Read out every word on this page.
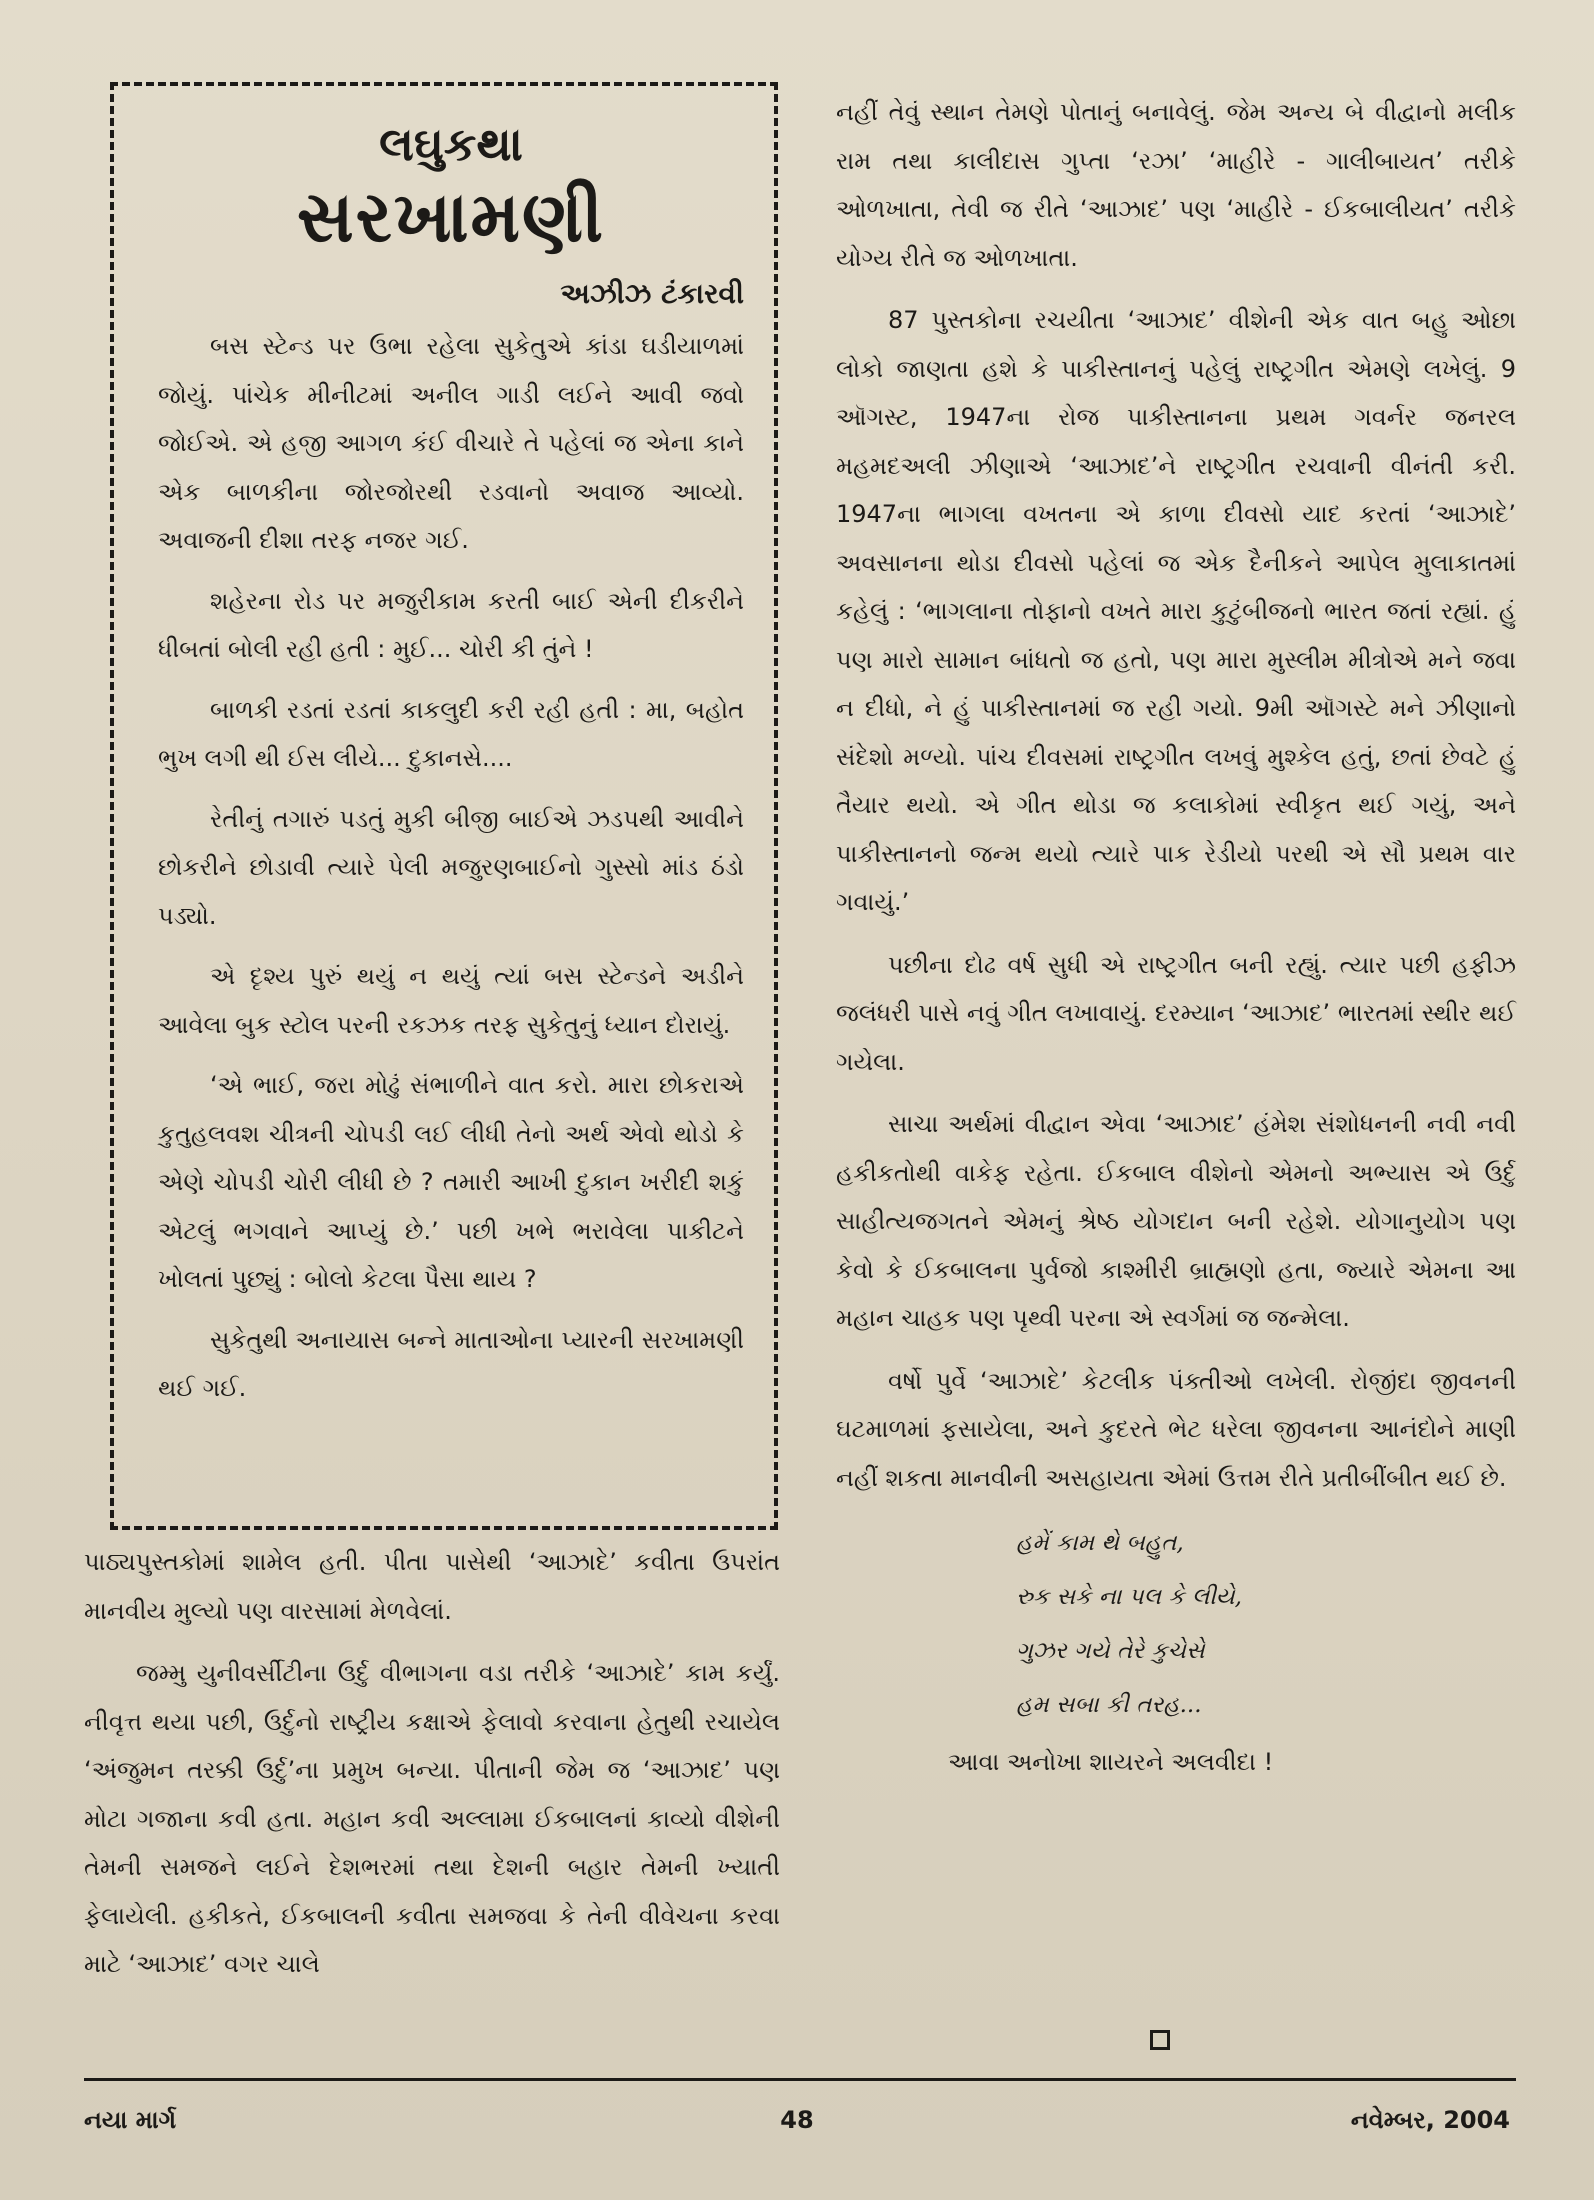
લઘુકથા
સરખામણી
અઝીઝ ટંકારવી

બસ સ્ટેન્ડ પર ઉભા રહેલા સુકેતુએ કાંડા ઘડીયાળમાં જોયું. પાંચેક મીનીટમાં અનીલ ગાડી લઈને આવી જવો જોઈએ. એ હજી આગળ કંઈ વીચારે તે પહેલાં જ એના કાને એક બાળકીના જોરજોરથી રડવાનો અવાજ આવ્યો. અવાજની દીશા તરફ નજર ગઈ.

શહેરના રોડ પર મજુરીકામ કરતી બાઈ એની દીકરીને ધીબતાં બોલી રહી હતી : મુઈ... ચોરી કી તુંને !

બાળકી રડતાં રડતાં કાકલુદી કરી રહી હતી : મા, બહોત ભુખ લગી થી ઈસ લીયે... દુકાનસે....

રેતીનું તગારું પડતું મુકી બીજી બાઈએ ઝડપથી આવીને છોકરીને છોડાવી ત્યારે પેલી મજુરણબાઈનો ગુસ્સો માંડ ઠંડો પડ્યો.

એ દૃશ્ય પુરું થયું ન થયું ત્યાં બસ સ્ટેન્ડને અડીને આવેલા બુક સ્ટોલ પરની રકઝક તરફ સુકેતુનું ધ્યાન દોરાયું.

‘એ ભાઈ, જરા મોઢું સંભાળીને વાત કરો. મારા છોકરાએ કુતુહલવશ ચીત્રની ચોપડી લઈ લીધી તેનો અર્થ એવો થોડો કે એણે ચોપડી ચોરી લીધી છે ? તમારી આખી દુકાન ખરીદી શકું એટલું ભગવાને આપ્યું છે.’ પછી ખભે ભરાવેલા પાકીટને ખોલતાં પુછ્યું : બોલો કેટલા પૈસા થાય ?

સુકેતુથી અનાયાસ બન્ને માતાઓના પ્યારની સરખામણી થઈ ગઈ.

પાઠ્યપુસ્તકોમાં શામેલ હતી. પીતા પાસેથી ‘આઝાદે’ કવીતા ઉપરાંત માનવીય મુલ્યો પણ વારસામાં મેળવેલાં.

જમ્મુ યુનીવર્સીટીના ઉર્દુ વીભાગના વડા તરીકે ‘આઝાદે’ કામ કર્યું. નીવૃત્ત થયા પછી, ઉર્દુનો રાષ્ટ્રીય કક્ષાએ ફેલાવો કરવાના હેતુથી રચાયેલ ‘અંજુમન તરક્કી ઉર્દુ’ના પ્રમુખ બન્યા. પીતાની જેમ જ ‘આઝાદ’ પણ મોટા ગજાના કવી હતા. મહાન કવી અલ્લામા ઈકબાલનાં કાવ્યો વીશેની તેમની સમજને લઈને દેશભરમાં તથા દેશની બહાર તેમની ખ્યાતી ફેલાયેલી. હકીકતે, ઈકબાલની કવીતા સમજવા કે તેની વીવેચના કરવા માટે ‘આઝાદ’ વગર ચાલે

નહીં તેવું સ્થાન તેમણે પોતાનું બનાવેલું. જેમ અન્ય બે વીદ્વાનો મલીક રામ તથા કાલીદાસ ગુપ્તા ‘રઝા’ ‘માહીરે - ગાલીબાયત’ તરીકે ઓળખાતા, તેવી જ રીતે ‘આઝાદ’ પણ ‘માહીરે - ઈકબાલીયત’ તરીકે યોગ્ય રીતે જ ઓળખાતા.

87 પુસ્તકોના રચયીતા ‘આઝાદ’ વીશેની એક વાત બહુ ઓછા લોકો જાણતા હશે કે પાકીસ્તાનનું પહેલું રાષ્ટ્રગીત એમણે લખેલું. 9 ઑગસ્ટ, 1947ના રોજ પાકીસ્તાનના પ્રથમ ગવર્નર જનરલ મહમદઅલી ઝીણાએ ‘આઝાદ’ને રાષ્ટ્રગીત રચવાની વીનંતી કરી. 1947ના ભાગલા વખતના એ કાળા દીવસો યાદ કરતાં ‘આઝાદે’ અવસાનના થોડા દીવસો પહેલાં જ એક દૈનીકને આપેલ મુલાકાતમાં કહેલું : ‘ભાગલાના તોફાનો વખતે મારા કુટુંબીજનો ભારત જતાં રહ્યાં. હું પણ મારો સામાન બાંધતો જ હતો, પણ મારા મુસ્લીમ મીત્રોએ મને જવા ન દીધો, ને હું પાકીસ્તાનમાં જ રહી ગયો. 9મી ઑગસ્ટે મને ઝીણાનો સંદેશો મળ્યો. પાંચ દીવસમાં રાષ્ટ્રગીત લખવું મુશ્કેલ હતું, છતાં છેવટે હું તૈયાર થયો. એ ગીત થોડા જ કલાકોમાં સ્વીકૃત થઈ ગયું, અને પાકીસ્તાનનો જન્મ થયો ત્યારે પાક રેડીયો પરથી એ સૌ પ્રથમ વાર ગવાયું.’

પછીના દોઢ વર્ષ સુધી એ રાષ્ટ્રગીત બની રહ્યું. ત્યાર પછી હફીઝ જલંધરી પાસે નવું ગીત લખાવાયું. દરમ્યાન ‘આઝાદ’ ભારતમાં સ્થીર થઈ ગયેલા.

સાચા અર્થમાં વીદ્વાન એવા ‘આઝાદ’ હંમેશ સંશોધનની નવી નવી હકીકતોથી વાકેફ રહેતા. ઈકબાલ વીશેનો એમનો અભ્યાસ એ ઉર્દુ સાહીત્યજગતને એમનું શ્રેષ્ઠ યોગદાન બની રહેશે. યોગાનુયોગ પણ કેવો કે ઈકબાલના પુર્વજો કાશ્મીરી બ્રાહ્મણો હતા, જ્યારે એમના આ મહાન ચાહક પણ પૃથ્વી પરના એ સ્વર્ગમાં જ જન્મેલા.

વર્ષો પુર્વે ‘આઝાદે’ કેટલીક પંક્તીઓ લખેલી. રોજીંદા જીવનની ઘટમાળમાં ફસાયેલા, અને કુદરતે ભેટ ધરેલા જીવનના આનંદોને માણી નહીં શકતા માનવીની અસહાયતા એમાં ઉત્તમ રીતે પ્રતીબીંબીત થઈ છે.

હમેં કામ થે બહુત,
રુક સકે ના પલ કે લીયે,
ગુઝર ગયે તેરે કુચેસે
હમ સબા કી તરહ...

આવા અનોખા શાયરને અલવીદા !

નયા માર્ગ	48	નવેમ્બર, 2004
